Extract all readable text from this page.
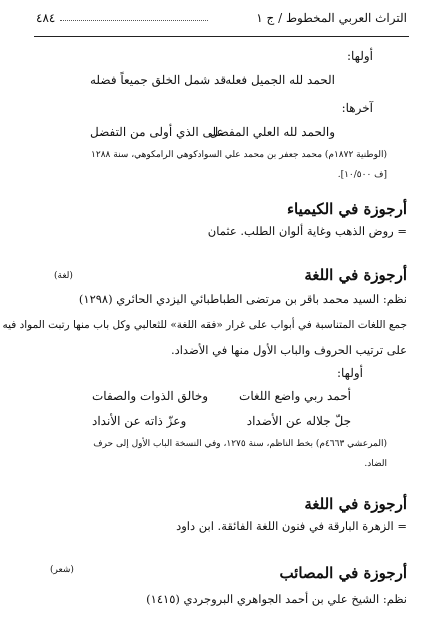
التراث العربي المخطوط / ج ١
٤٨٤
أولها:
الحمد لله الجميل فعله
قد شمل الخلق جميعاً فضله
آخرها:
والحمد لله العلي المفضل
على الذي أولى من التفضل
(الوطنية ١٨٧٢م) محمد جعفر بن محمد علي السوادكوهي الرامكوهي، سنة ١٢٨٨
[ف ١٠/٥٠٠].
أرجوزة في الكيمياء
= روض الذهب وغاية ألوان الطلب. عثمان
أرجوزة في اللغة
(لغة)
نظم: السيد محمد باقر بن مرتضى الطباطبائي اليزدي الحائري (١٢٩٨)
جمع اللغات المتناسبة في أبواب على غرار «فقه اللغة» للثعالبي وكل باب منها رتبت المواد فيه
على ترتيب الحروف والباب الأول منها في الأضداد.
أولها:
أحمد ربي واضع اللغات
وخالق الذوات والصفات
جلّ جلاله عن الأضداد
وعزّ ذاته عن الأنداد
(المرعشي ٤٦٦٣م) بخط الناظم، سنة ١٢٧٥، وفي النسخة الباب الأول إلى حرف
الضاد.
أرجوزة في اللغة
= الزهرة البارقة في فنون اللغة الفائقة. ابن داود
أرجوزة في المصائب
(شعر)
نظم: الشيخ علي بن أحمد الجواهري البروجردي (١٤١٥)
